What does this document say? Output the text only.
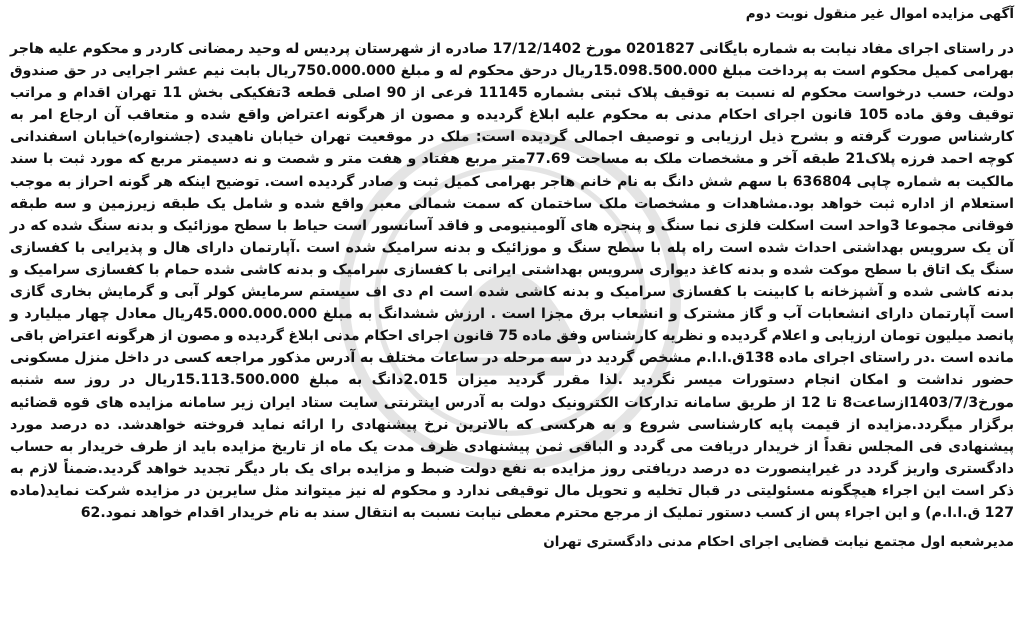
آگهی مزایده اموال غیر منقول نوبت دوم

در راستای اجرای مفاد نیابت به شماره بایگانی 0201827 مورخ 17/12/1402 صادره از شهرستان پردیس له وحید رمضانی کاردر و محکوم علیه هاجر بهرامی کمیل محکوم است به پرداخت مبلغ 15.098.500.000ریال درحق محکوم له و مبلغ 750.000.000ریال بابت نیم عشر اجرایی در حق صندوق دولت، حسب درخواست محکوم له نسبت به توقیف پلاک ثبتی بشماره 11145 فرعی از 90 اصلی قطعه 3تفکیکی بخش 11 تهران اقدام و مراتب توقیف وفق ماده 105 قانون اجرای احکام مدنی به محکوم علیه ابلاغ گردیده و مصون از هرگونه اعتراض واقع شده و متعاقب آن ارجاع امر به کارشناس صورت گرفته و بشرح ذیل ارزیابی و توصیف اجمالی گردیده است: ملک در موقعیت تهران خیابان ناهیدی (جشنواره)خیابان اسفندانی کوچه احمد فرزه پلاک21 طبقه آخر و مشخصات ملک به مساحت 77.69متر مربع هفتاد و هفت متر و شصت و نه دسیمتر مربع که مورد ثبت با سند مالکیت به شماره چاپی 636804 با سهم شش دانگ به نام خانم هاجر بهرامی کمیل ثبت و صادر گردیده است. توضیح اینکه هر گونه احراز به موجب استعلام از اداره ثبت خواهد بود.مشاهدات و مشخصات ملک ساختمان که سمت شمالی معبر واقع شده و شامل یک طبقه زیرزمین و سه طبقه فوقانی مجموعا 3واحد است اسکلت فلزی نما سنگ و پنجره های آلومینیومی و فاقد آسانسور است حیاط با سطح موزائیک و بدنه سنگ شده که در آن یک سرویس بهداشتی احداث شده است راه پله با سطح سنگ و موزائیک و بدنه سرامیک شده است .آپارتمان دارای هال و پذیرایی با کفسازی سنگ یک اتاق با سطح موکت شده و بدنه کاغذ دیواری سرویس بهداشتی ایرانی با کفسازی سرامیک و بدنه کاشی شده حمام با کفسازی سرامیک و بدنه کاشی شده و آشپزخانه با کابینت با کفسازی سرامیک و بدنه کاشی شده است ام دی اف سیستم سرمایش کولر آبی و گرمایش بخاری گازی است آپارتمان دارای انشعابات آب و گاز مشترک و انشعاب برق مجزا است . ارزش ششدانگ به مبلغ 45.000.000.000ریال معادل چهار میلیارد و پانصد میلیون تومان ارزیابی و اعلام گردیده و نظریه کارشناس وفق ماده 75 قانون اجرای احکام مدنی ابلاغ گردیده و مصون از هرگونه اعتراض باقی مانده است .در راستای اجرای ماده 138ق.ا.ا.م مشخص گردید در سه مرحله در ساعات مختلف به آدرس مذکور مراجعه کسی در داخل منزل مسکونی حضور نداشت و امکان انجام دستورات میسر نگردید .لذا مقرر گردید میزان 2.015دانگ به مبلغ 15.113.500.000ریال در روز سه شنبه مورخ1403/7/3ازساعت8 تا 12 از طریق سامانه تدارکات الکترونیک دولت به آدرس اینترنتی سایت ستاد ایران زیر سامانه مزایده های قوه قضائیه برگزار میگردد.مزایده از قیمت پایه کارشناسی شروع و به هرکسی که بالاترین نرخ پیشنهادی را ارائه نماید فروخته خواهدشد. ده درصد مورد پیشنهادی فی المجلس نقداً از خریدار دریافت می گردد و الباقی ثمن پیشنهادی ظرف مدت یک ماه از تاریخ مزایده باید از طرف خریدار به حساب دادگستری واریز گردد در غیراینصورت ده درصد دریافتی روز مزایده به نفع دولت ضبط و مزایده برای یک بار دیگر تجدید خواهد گردید.ضمناً لازم به ذکر است این اجراء هیچگونه مسئولیتی در قبال تخلیه و تحویل مال توقیفی ندارد و محکوم له نیز میتواند مثل سایرین در مزایده شرکت نماید(ماده 127 ق.ا.ا.م) و این اجراء پس از کسب دستور تملیک از مرجع محترم معطی نیابت نسبت به انتقال سند به نام خریدار اقدام خواهد نمود.62

مدیرشعبه اول مجتمع نیابت قضایی اجرای احکام مدنی دادگستری تهران
